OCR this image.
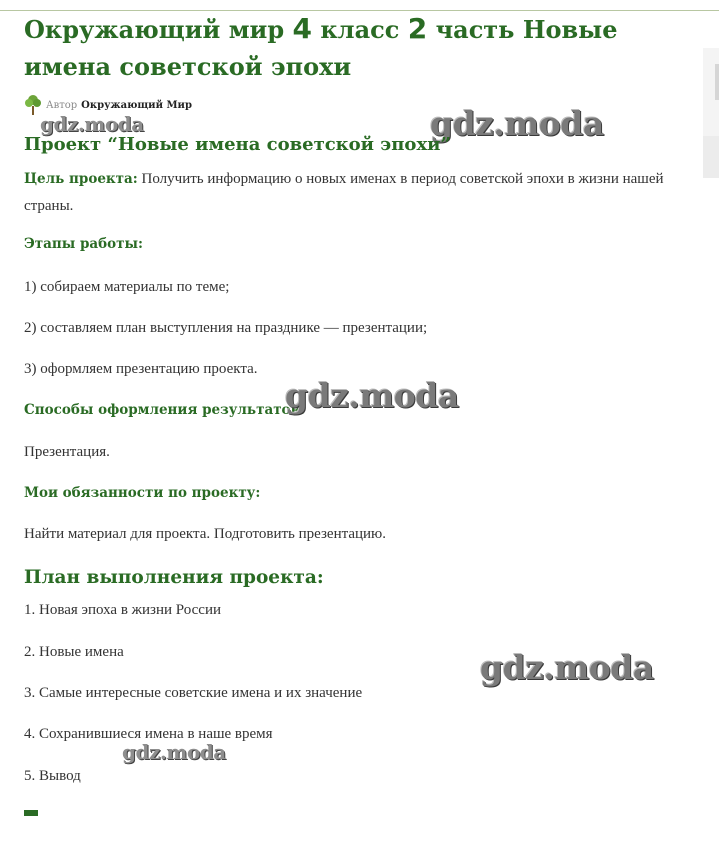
Окружающий мир 4 класс 2 часть Новые имена советской эпохи
Автор Окружающий Мир
gdz.moda	gdz.moda
Проект “Новые имена советской эпохи”

Цель проекта: Получить информацию о новых именах в период советской эпохи в жизни нашей страны.

Этапы работы:

1) собираем материалы по теме;

2) составляем план выступления на празднике — презентации;

3) оформляем презентацию проекта.

Способы оформления результатов:

gdz.moda

Презентация.

Мои обязанности по проекту:

Найти материал для проекта. Подготовить презентацию.

План выполнения проекта:

1. Новая эпоха в жизни России

2. Новые имена

3. Самые интересные советские имена и их значение

4. Сохранившиеся имена в наше время

5. Вывод

gdz.moda
gdz.moda
